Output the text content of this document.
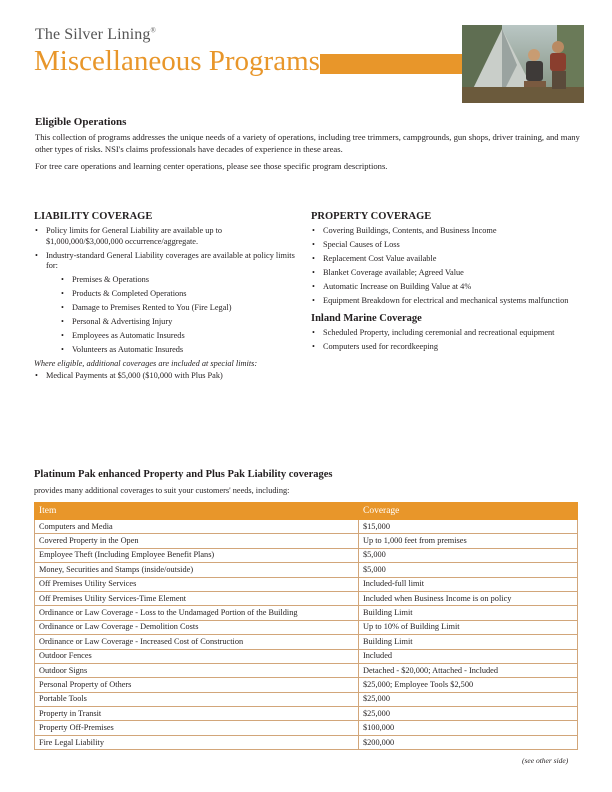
The Silver Lining®
Miscellaneous Programs
Eligible Operations
This collection of programs addresses the unique needs of a variety of operations, including tree trimmers, campgrounds, gun shops, driver training, and many other types of risks. NSI's claims professionals have decades of experience in these areas.
For tree care operations and learning center operations, please see those specific program descriptions.
LIABILITY COVERAGE
• Policy limits for General Liability are available up to $1,000,000/$3,000,000 occurrence/aggregate.
• Industry-standard General Liability coverages are available at policy limits for:
• Premises & Operations
• Products & Completed Operations
• Damage to Premises Rented to You (Fire Legal)
• Personal & Advertising Injury
• Employees as Automatic Insureds
• Volunteers as Automatic Insureds
Where eligible, additional coverages are included at special limits:
• Medical Payments at $5,000 ($10,000 with Plus Pak)
PROPERTY COVERAGE
• Covering Buildings, Contents, and Business Income
• Special Causes of Loss
• Replacement Cost Value available
• Blanket Coverage available; Agreed Value
• Automatic Increase on Building Value at 4%
• Equipment Breakdown for electrical and mechanical systems malfunction
Inland Marine Coverage
• Scheduled Property, including ceremonial and recreational equipment
• Computers used for recordkeeping
Platinum Pak enhanced Property and Plus Pak Liability coverages
provides many additional coverages to suit your customers' needs, including:
Item	Coverage
Computers and Media	$15,000
Covered Property in the Open	Up to 1,000 feet from premises
Employee Theft (Including Employee Benefit Plans)	$5,000
Money, Securities and Stamps (inside/outside)	$5,000
Off Premises Utility Services	Included-full limit
Off Premises Utility Services-Time Element	Included when Business Income is on policy
Ordinance or Law Coverage - Loss to the Undamaged Portion of the Building	Building Limit
Ordinance or Law Coverage - Demolition Costs	Up to 10% of Building Limit
Ordinance or Law Coverage - Increased Cost of Construction	Building Limit
Outdoor Fences	Included
Outdoor Signs	Detached - $20,000; Attached - Included
Personal Property of Others	$25,000; Employee Tools $2,500
Portable Tools	$25,000
Property in Transit	$25,000
Property Off-Premises	$100,000
Fire Legal Liability	$200,000
(see other side)
